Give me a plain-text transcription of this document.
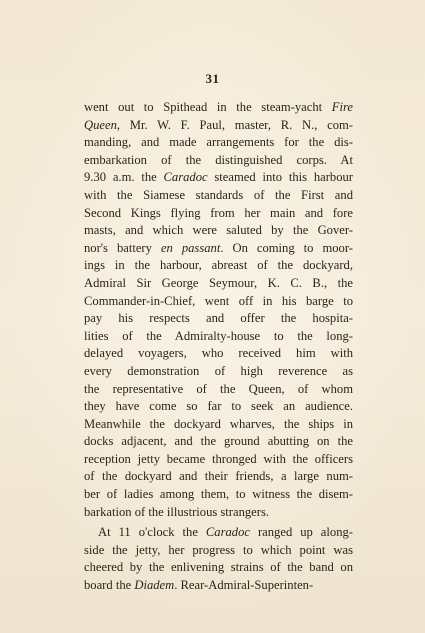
31
went out to Spithead in the steam-yacht Fire
Queen, Mr. W. F. Paul, master, R. N., com-
manding, and made arrangements for the dis-
embarkation of the distinguished corps. At
9.30 a.m. the Caradoc steamed into this harbour
with the Siamese standards of the First and
Second Kings flying from her main and fore
masts, and which were saluted by the Gover-
nor's battery en passant. On coming to moor-
ings in the harbour, abreast of the dockyard,
Admiral Sir George Seymour, K. C. B., the
Commander-in-Chief, went off in his barge to
pay his respects and offer the hospita-
lities of the Admiralty-house to the long-
delayed voyagers, who received him with
every demonstration of high reverence as
the representative of the Queen, of whom
they have come so far to seek an audience.
Meanwhile the dockyard wharves, the ships in
docks adjacent, and the ground abutting on the
reception jetty became thronged with the officers
of the dockyard and their friends, a large num-
ber of ladies among them, to witness the disem-
barkation of the illustrious strangers.
At 11 o'clock the Caradoc ranged up along-
side the jetty, her progress to which point was
cheered by the enlivening strains of the band on
board the Diadem. Rear-Admiral-Superinten-
